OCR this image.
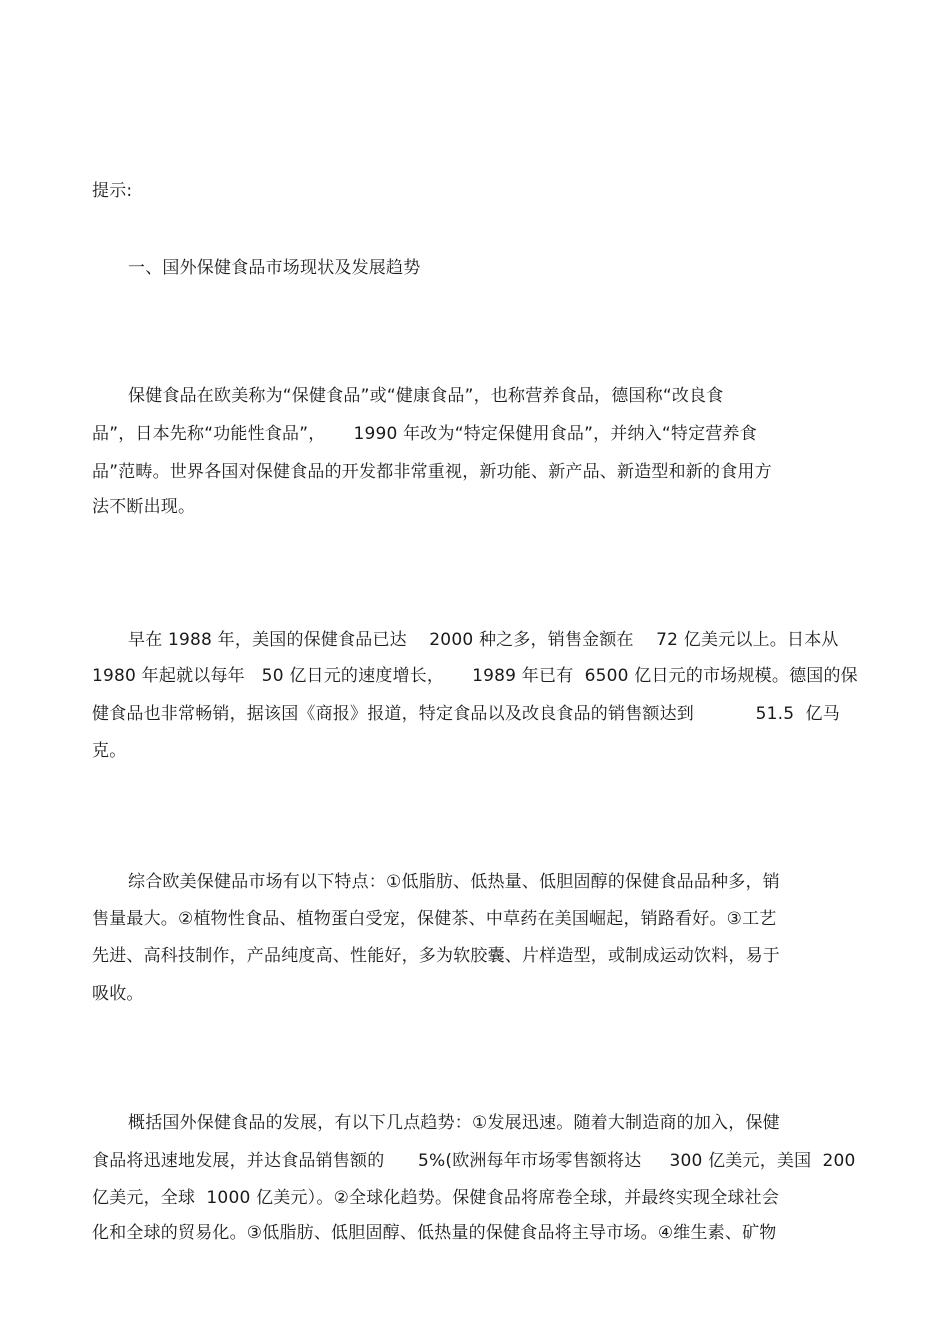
提示:
一、国外保健食品市场现状及发展趋势
保健食品在欧美称为“保健食品”或“健康食品”，也称营养食品，德国称“改良食
品”，日本先称“功能性食品”，     1990 年改为“特定保健用食品”，并纳入“特定营养食
品”范畴。世界各国对保健食品的开发都非常重视，新功能、新产品、新造型和新的食用方
法不断出现。
早在 1988 年，美国的保健食品已达    2000 种之多，销售金额在    72 亿美元以上。日本从
1980 年起就以每年   50 亿日元的速度增长，     1989 年已有  6500 亿日元的市场规模。德国的保
健食品也非常畅销，据该国《商报》报道，特定食品以及改良食品的销售额达到           51.5  亿马
克。
综合欧美保健品市场有以下特点：①低脂肪、低热量、低胆固醇的保健食品品种多，销
售量最大。②植物性食品、植物蛋白受宠，保健茶、中草药在美国崛起，销路看好。③工艺
先进、高科技制作，产品纯度高、性能好，多为软胶囊、片样造型，或制成运动饮料，易于
吸收。
概括国外保健食品的发展，有以下几点趋势：①发展迅速。随着大制造商的加入，保健
食品将迅速地发展，并达食品销售额的      5%(欧洲每年市场零售额将达     300 亿美元，美国  200
亿美元，全球  1000 亿美元）。②全球化趋势。保健食品将席卷全球，并最终实现全球社会
化和全球的贸易化。③低脂肪、低胆固醇、低热量的保健食品将主导市场。④维生素、矿物
